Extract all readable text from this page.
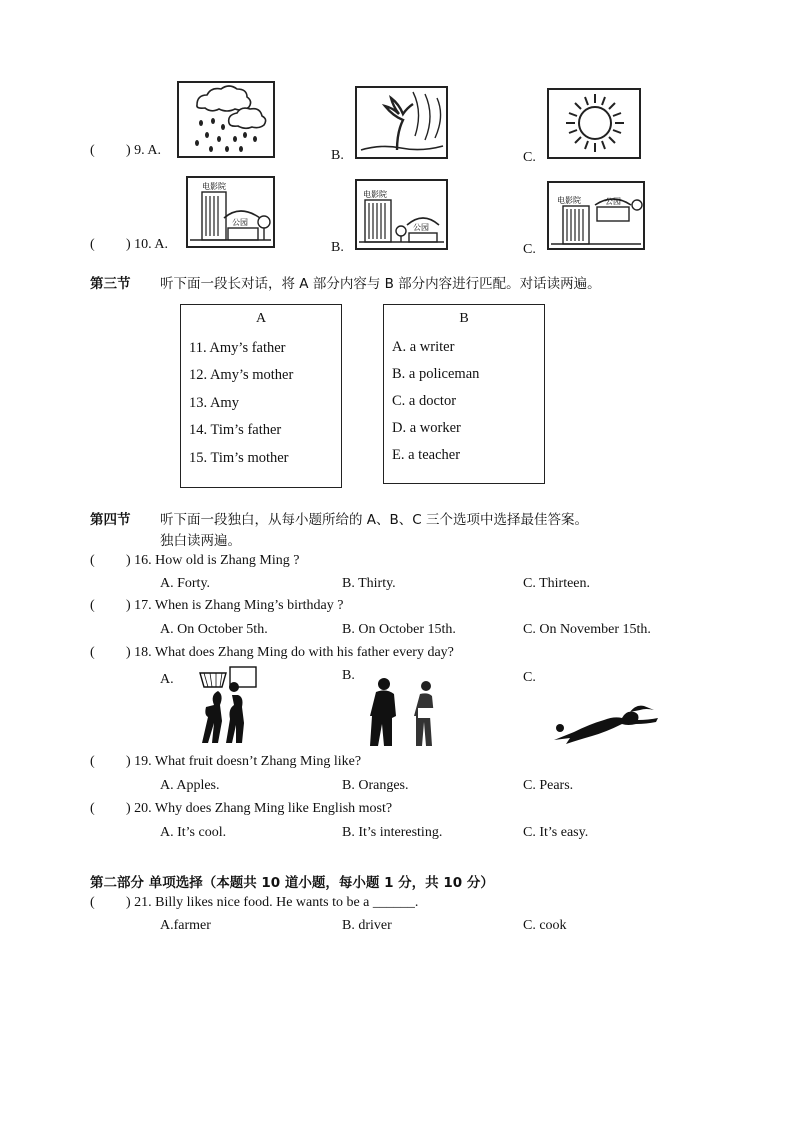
( ) 9. A.	B.	C.
( ) 10. A.
电影院
公园
B.
电影院
公园
C.
电影院	公园
第三节 听下面一段长对话，将 A 部分内容与 B 部分内容进行匹配。对话读两遍。
A
11. Amy’s father
12. Amy’s mother
13. Amy
14. Tim’s father
15. Tim’s mother
B
A. a writer
B. a policeman
C. a doctor
D. a worker
E. a teacher
第四节 听下面一段独白，从每小题所给的 A、B、C 三个选项中选择最佳答案。
独白读两遍。
( ) 16. How old is Zhang Ming ?
A. Forty.	B. Thirty.	C. Thirteen.
( ) 17. When is Zhang Ming’s birthday ?
A. On October 5th.	B. On October 15th.	C. On November 15th.
( ) 18. What does Zhang Ming do with his father every day?
A.	B.	C.
( ) 19. What fruit doesn’t Zhang Ming like?
A. Apples.	B. Oranges.	C. Pears.
( ) 20. Why does Zhang Ming like English most?
A. It’s cool.	B. It’s interesting.	C. It’s easy.
第二部分 单项选择（本题共 10 道小题，每小题 1 分，共 10 分）
( ) 21. Billy likes nice food. He wants to be a ______.
A.farmer	B. driver	C. cook
